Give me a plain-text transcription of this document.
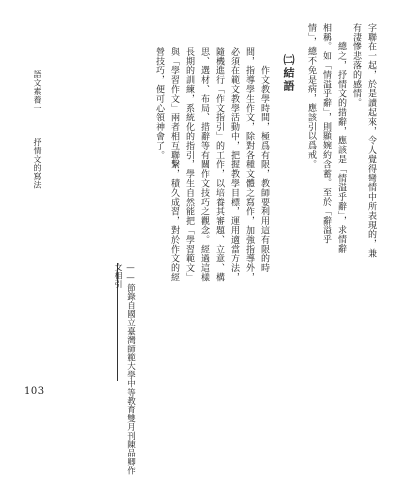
字聯在一起，於是讀起來，令人覺得彎情中所表現的，兼
有淒慘悲落的感情。
　　總之，抒情文的措辭，應該是「情溢乎辭」，求情辭
相稱。如「情溢乎辭」，則顯婉約含蓄。至於「辭溢乎
情」，總不免是病，應該引以爲戒。
㈡結語
　　作文教學時間，極爲有限，教師要利用這有限的時
間，指導學生作文，除對各種文體之寫作，加強指導外，
必須在範文教學活動中，把握教學目標，運用適當方法，
隨機進行「作文指引」的工作，以培養其審題、立意、構
思、選材、布局、措辭等有關作文技巧之觀念。經過這樣
長期的訓練，系統化的指引，學生自然能把「學習範文」
與「學習作文」兩者相互聯繫，積久成習，對於作文的經
營技巧，便可心領神會了。
——節錄自國立臺灣師範大學中等教育雙月刊陳品卿作
文相引
語文素養一  抒情文的寫法
103
